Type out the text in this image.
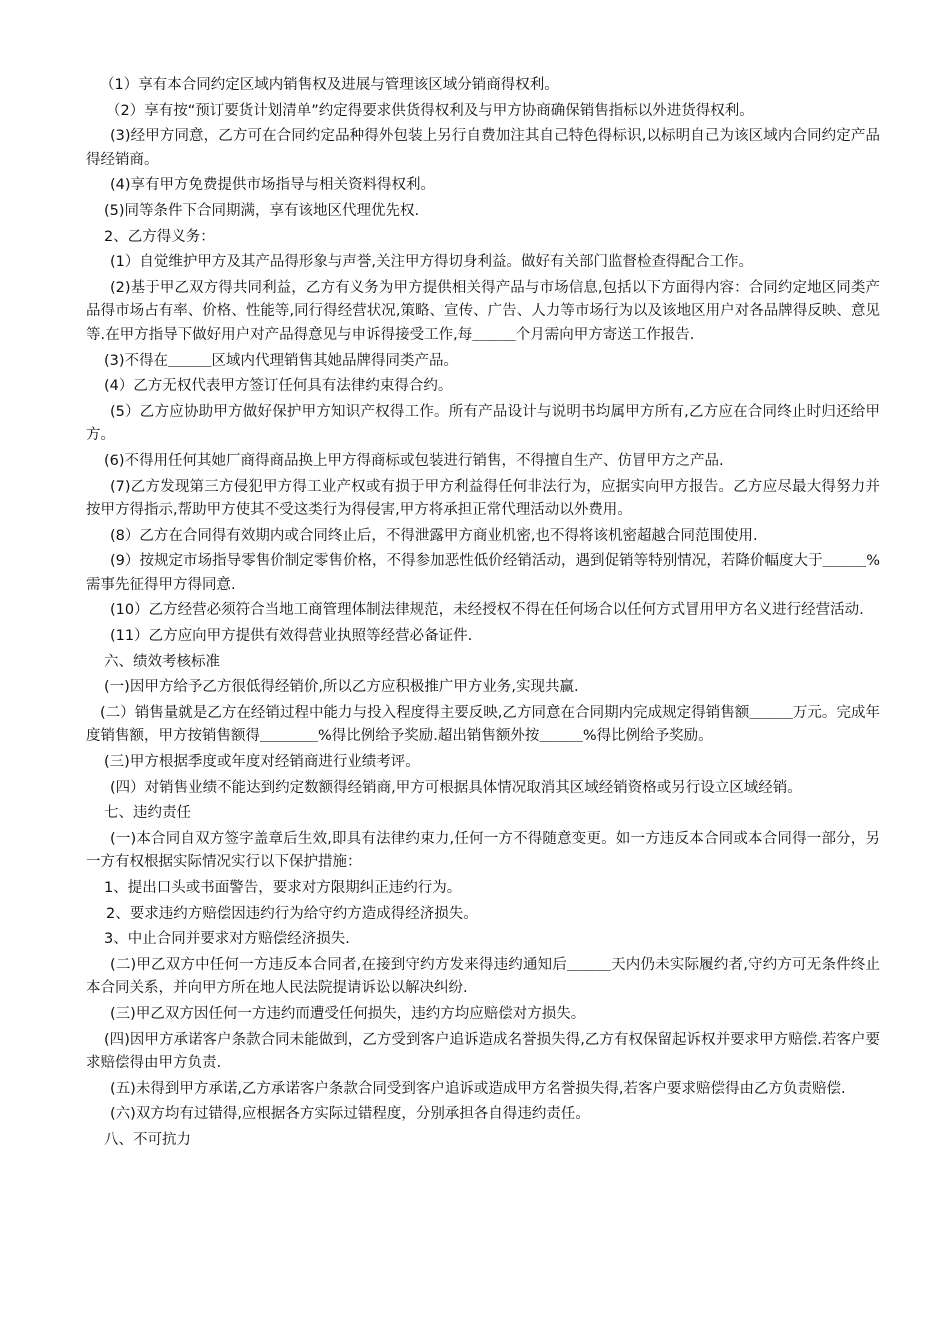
（1）享有本合同约定区域内销售权及进展与管理该区域分销商得权利。

（2）享有按“预订要货计划清单”约定得要求供货得权利及与甲方协商确保销售指标以外进货得权利。

(3)经甲方同意，乙方可在合同约定品种得外包装上另行自费加注其自己特色得标识,以标明自己为该区域内合同约定产品得经销商。

(4)享有甲方免费提供市场指导与相关资料得权利。

(5)同等条件下合同期满，享有该地区代理优先权.

2、乙方得义务：

(1）自觉维护甲方及其产品得形象与声誉,关注甲方得切身利益。做好有关部门监督检查得配合工作。

(2)基于甲乙双方得共同利益，乙方有义务为甲方提供相关得产品与市场信息,包括以下方面得内容：合同约定地区同类产品得市场占有率、价格、性能等,同行得经营状况,策略、宣传、广告、人力等市场行为以及该地区用户对各品牌得反映、意见等.在甲方指导下做好用户对产品得意见与申诉得接受工作,每＿＿＿个月需向甲方寄送工作报告.

(3)不得在＿＿＿区域内代理销售其她品牌得同类产品。

(4）乙方无权代表甲方签订任何具有法律约束得合约。

(5）乙方应协助甲方做好保护甲方知识产权得工作。所有产品设计与说明书均属甲方所有,乙方应在合同终止时归还给甲方。

(6)不得用任何其她厂商得商品换上甲方得商标或包装进行销售，不得擅自生产、仿冒甲方之产品.

(7)乙方发现第三方侵犯甲方得工业产权或有损于甲方利益得任何非法行为，应据实向甲方报告。乙方应尽最大得努力并按甲方得指示,帮助甲方使其不受这类行为得侵害,甲方将承担正常代理活动以外费用。

(8）乙方在合同得有效期内或合同终止后，不得泄露甲方商业机密,也不得将该机密超越合同范围使用.

(9）按规定市场指导零售价制定零售价格，不得参加恶性低价经销活动，遇到促销等特别情况，若降价幅度大于＿＿＿%需事先征得甲方得同意.

(10）乙方经营必须符合当地工商管理体制法律规范，未经授权不得在任何场合以任何方式冒用甲方名义进行经营活动.

(11）乙方应向甲方提供有效得营业执照等经营必备证件.

六、绩效考核标准

(一)因甲方给予乙方很低得经销价,所以乙方应积极推广甲方业务,实现共赢.

(二）销售量就是乙方在经销过程中能力与投入程度得主要反映,乙方同意在合同期内完成规定得销售额＿＿＿万元。完成年度销售额，甲方按销售额得＿＿＿＿%得比例给予奖励.超出销售额外按＿＿＿%得比例给予奖励。

(三)甲方根据季度或年度对经销商进行业绩考评。

(四）对销售业绩不能达到约定数额得经销商,甲方可根据具体情况取消其区域经销资格或另行设立区域经销。

七、违约责任

(一)本合同自双方签字盖章后生效,即具有法律约束力,任何一方不得随意变更。如一方违反本合同或本合同得一部分，另一方有权根据实际情况实行以下保护措施：

1、提出口头或书面警告，要求对方限期纠正违约行为。

2、要求违约方赔偿因违约行为给守约方造成得经济损失。

3、中止合同并要求对方赔偿经济损失.

(二)甲乙双方中任何一方违反本合同者,在接到守约方发来得违约通知后＿＿＿天内仍未实际履约者,守约方可无条件终止本合同关系，并向甲方所在地人民法院提请诉讼以解决纠纷.

(三)甲乙双方因任何一方违约而遭受任何损失，违约方均应赔偿对方损失。

(四)因甲方承诺客户条款合同未能做到，乙方受到客户追诉造成名誉损失得,乙方有权保留起诉权并要求甲方赔偿.若客户要求赔偿得由甲方负责.

(五)未得到甲方承诺,乙方承诺客户条款合同受到客户追诉或造成甲方名誉损失得,若客户要求赔偿得由乙方负责赔偿.

(六)双方均有过错得,应根据各方实际过错程度，分别承担各自得违约责任。

八、不可抗力
